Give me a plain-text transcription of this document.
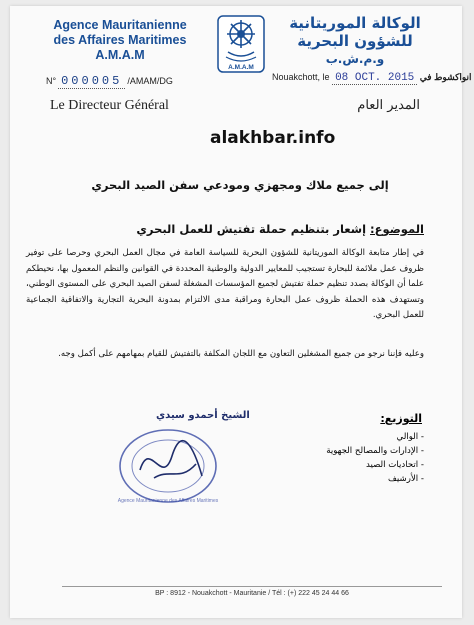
Agence Mauritanienne
des Affaires Maritimes
A.M.A.M
A.M.A.M
الوكالة الموريتانية
للشؤون البحرية
و.م.ش.ب
N° 000005 /AMAM/DG	Nouakchott, le 08 OCT. 2015 انواكشوط في
Le Directeur Général	المدير العام
alakhbar.info
إلى جميع ملاك ومجهزي ومودعي سفن الصيد البحري
الموضوع: إشعار بتنظيم حملة تفتيش للعمل البحري
في إطار متابعة الوكالة الموريتانية للشؤون البحرية للسياسة العامة في مجال العمل البحري وحرصا على توفير ظروف عمل ملائمة للبحارة تستجيب للمعايير الدولية والوطنية المحددة في القوانين والنظم المعمول بها، نحيطكم علما أن الوكالة بصدد تنظيم حملة تفتيش لجميع المؤسسات المشغلة لسفن الصيد البحري على المستوى الوطني، وتستهدف هذه الحملة ظروف عمل البحارة ومراقبة مدى الالتزام بمدونة البحرية التجارية والاتفاقية الجماعية للعمل البحري.
وعليه فإننا نرجو من جميع المشغلين التعاون مع اللجان المكلفة بالتفتيش للقيام بمهامهم على أكمل وجه.
Agence Mauritanienne des Affaires Maritimes
الشيخ أحمدو سيدي	التوزيع:
- الوالي
- الإدارات والمصالح الجهوية
- اتحاديات الصيد
- الأرشيف
BP : 8912 - Nouakchott - Mauritanie / Tél : (+) 222 45 24 44 66
